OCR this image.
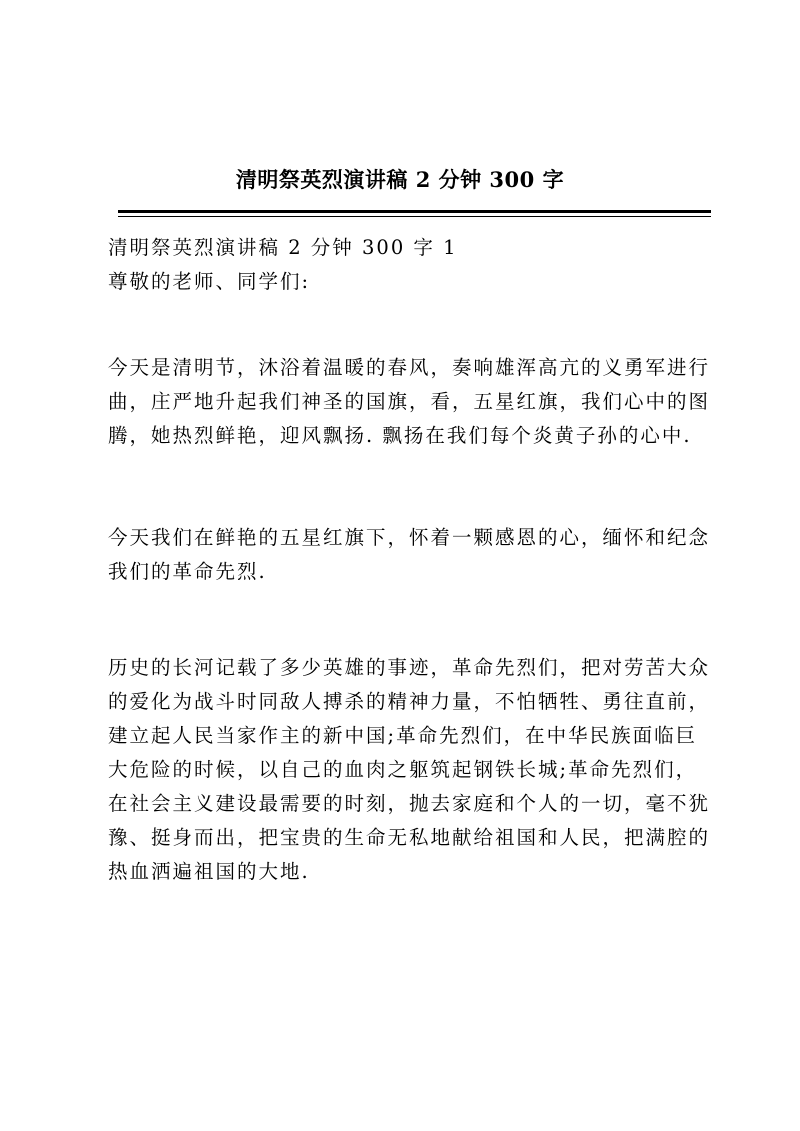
清明祭英烈演讲稿 2 分钟 300 字
清明祭英烈演讲稿 2 分钟 300 字 1
尊敬的老师、同学们:
今天是清明节，沐浴着温暖的春风，奏响雄浑高亢的义勇军进行
曲，庄严地升起我们神圣的国旗，看，五星红旗，我们心中的图
腾，她热烈鲜艳，迎风飘扬. 飘扬在我们每个炎黄子孙的心中.
今天我们在鲜艳的五星红旗下，怀着一颗感恩的心，缅怀和纪念
我们的革命先烈.
历史的长河记载了多少英雄的事迹，革命先烈们，把对劳苦大众
的爱化为战斗时同敌人搏杀的精神力量，不怕牺牲、勇往直前，
建立起人民当家作主的新中国;革命先烈们，在中华民族面临巨
大危险的时候，以自己的血肉之躯筑起钢铁长城;革命先烈们，
在社会主义建设最需要的时刻，抛去家庭和个人的一切，毫不犹
豫、挺身而出，把宝贵的生命无私地献给祖国和人民，把满腔的
热血洒遍祖国的大地.
